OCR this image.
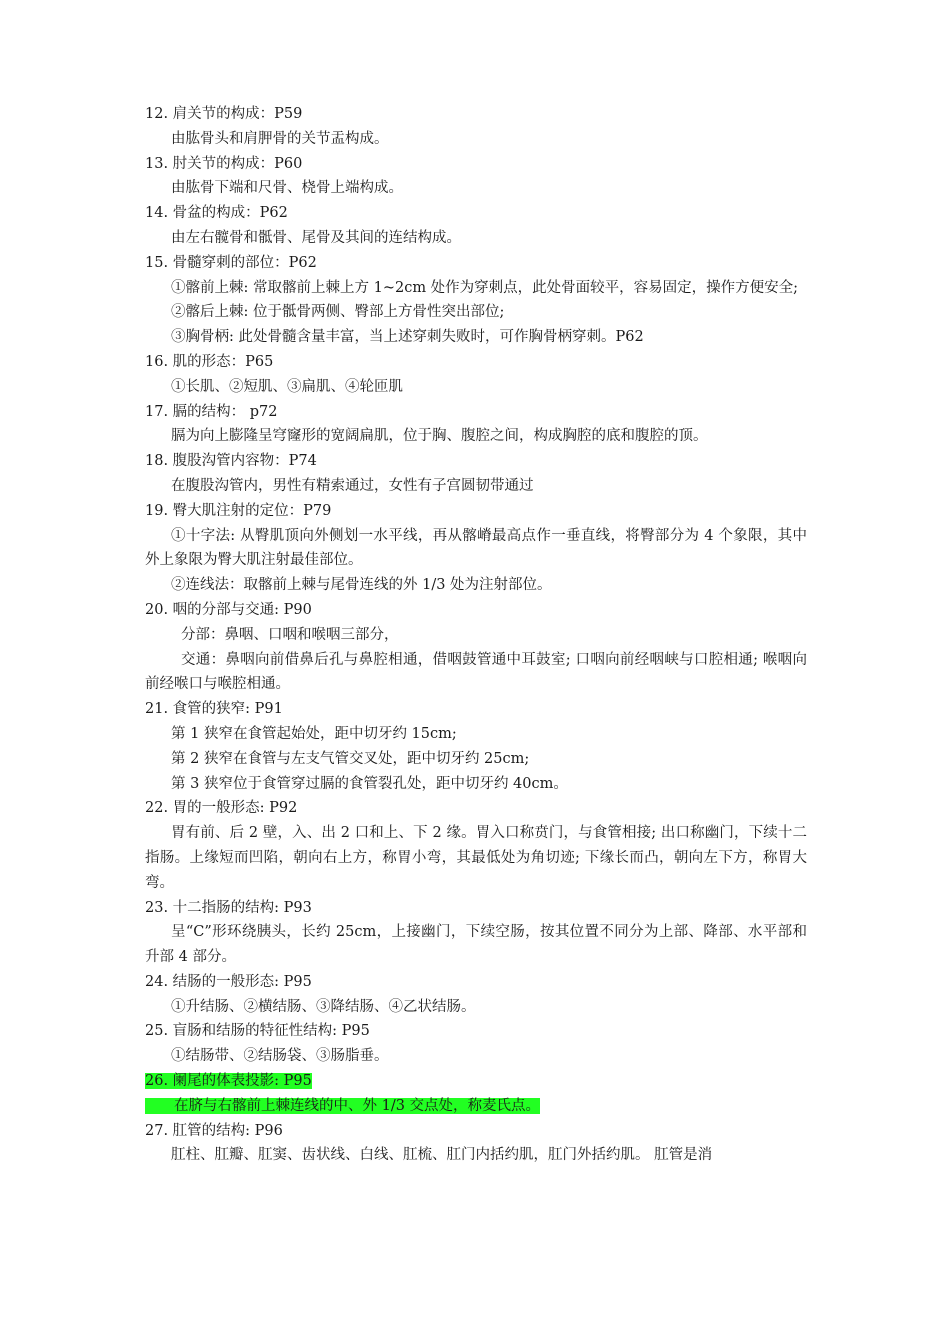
12. 肩关节的构成：P59
由肱骨头和肩胛骨的关节盂构成。
13. 肘关节的构成：P60
由肱骨下端和尺骨、桡骨上端构成。
14. 骨盆的构成：P62
由左右髋骨和骶骨、尾骨及其间的连结构成。
15. 骨髓穿刺的部位：P62
①髂前上棘: 常取髂前上棘上方 1~2cm 处作为穿刺点，此处骨面较平，容易固定，操作方便安全;
②髂后上棘: 位于骶骨两侧、臀部上方骨性突出部位;
③胸骨柄: 此处骨髓含量丰富，当上述穿刺失败时，可作胸骨柄穿刺。P62
16. 肌的形态：P65
①长肌、②短肌、③扁肌、④轮匝肌
17. 膈的结构： p72
膈为向上膨隆呈穹窿形的宽阔扁肌，位于胸、腹腔之间，构成胸腔的底和腹腔的顶。
18. 腹股沟管内容物：P74
在腹股沟管内，男性有精索通过，女性有子宫圆韧带通过
19. 臀大肌注射的定位：P79
①十字法: 从臀肌顶向外侧划一水平线，再从髂嵴最高点作一垂直线，将臀部分为 4 个象限，其中外上象限为臀大肌注射最佳部位。
②连线法：取髂前上棘与尾骨连线的外 1/3 处为注射部位。
20. 咽的分部与交通: P90
分部：鼻咽、口咽和喉咽三部分，
交通：鼻咽向前借鼻后孔与鼻腔相通，借咽鼓管通中耳鼓室; 口咽向前经咽峡与口腔相通; 喉咽向前经喉口与喉腔相通。
21. 食管的狭窄: P91
第 1 狭窄在食管起始处，距中切牙约 15cm;
第 2 狭窄在食管与左支气管交叉处，距中切牙约 25cm;
第 3 狭窄位于食管穿过膈的食管裂孔处，距中切牙约 40cm。
22. 胃的一般形态: P92
胃有前、后 2 壁，入、出 2 口和上、下 2 缘。胃入口称贲门，与食管相接; 出口称幽门，下续十二指肠。上缘短而凹陷，朝向右上方，称胃小弯，其最低处为角切迹; 下缘长而凸，朝向左下方，称胃大弯。
23. 十二指肠的结构: P93
呈“C”形环绕胰头，长约 25cm，上接幽门，下续空肠，按其位置不同分为上部、降部、水平部和升部 4 部分。
24. 结肠的一般形态: P95
①升结肠、②横结肠、③降结肠、④乙状结肠。
25. 盲肠和结肠的特征性结构: P95
①结肠带、②结肠袋、③肠脂垂。
26. 阑尾的体表投影: P95
  在脐与右髂前上棘连线的中、外 1/3 交点处，称麦氏点。
27. 肛管的结构: P96
肛柱、肛瓣、肛窦、齿状线、白线、肛梳、肛门内括约肌，肛门外括约肌。 肛管是消
